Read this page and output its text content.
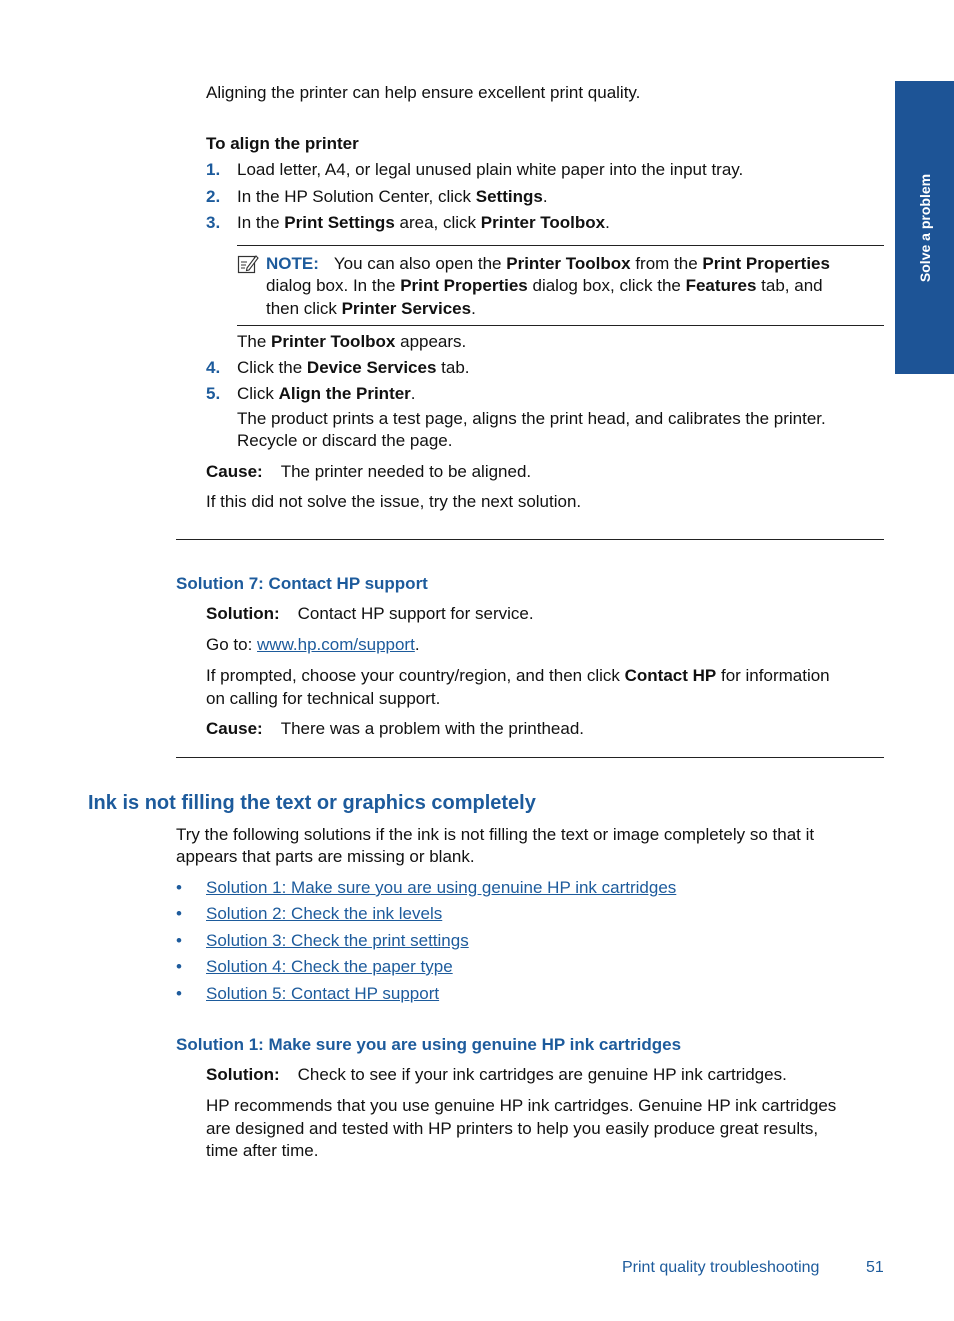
Solve a problem
Aligning the printer can help ensure excellent print quality.
To align the printer
1. Load letter, A4, or legal unused plain white paper into the input tray.
2. In the HP Solution Center, click Settings.
3. In the Print Settings area, click Printer Toolbox.
NOTE: You can also open the Printer Toolbox from the Print Properties
dialog box. In the Print Properties dialog box, click the Features tab, and
then click Printer Services.
The Printer Toolbox appears.
4. Click the Device Services tab.
5. Click Align the Printer.
The product prints a test page, aligns the print head, and calibrates the printer.
Recycle or discard the page.
Cause: The printer needed to be aligned.
If this did not solve the issue, try the next solution.
Solution 7: Contact HP support
Solution: Contact HP support for service.
Go to: www.hp.com/support.
If prompted, choose your country/region, and then click Contact HP for information
on calling for technical support.
Cause: There was a problem with the printhead.
Ink is not filling the text or graphics completely
Try the following solutions if the ink is not filling the text or image completely so that it
appears that parts are missing or blank.
• Solution 1: Make sure you are using genuine HP ink cartridges
• Solution 2: Check the ink levels
• Solution 3: Check the print settings
• Solution 4: Check the paper type
• Solution 5: Contact HP support
Solution 1: Make sure you are using genuine HP ink cartridges
Solution: Check to see if your ink cartridges are genuine HP ink cartridges.
HP recommends that you use genuine HP ink cartridges. Genuine HP ink cartridges
are designed and tested with HP printers to help you easily produce great results,
time after time.
Print quality troubleshooting	51
